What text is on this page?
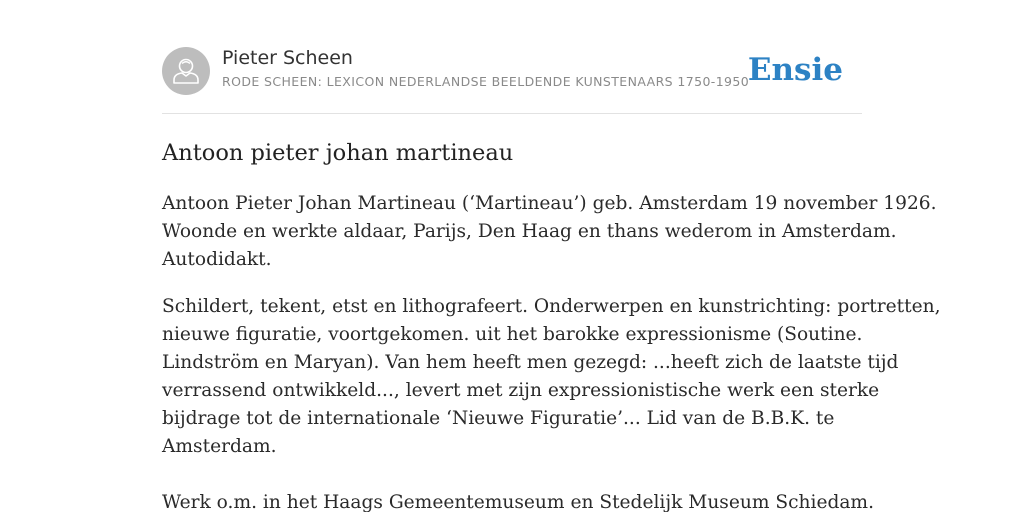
Pieter Scheen
RODE SCHEEN: LEXICON NEDERLANDSE BEELDENDE KUNSTENAARS 1750-1950
Ensie
Antoon pieter johan martineau

Antoon Pieter Johan Martineau (‘Martineau’) geb. Amsterdam 19 november 1926.
Woonde en werkte aldaar, Parijs, Den Haag en thans wederom in Amsterdam.
Autodidakt.

Schildert, tekent, etst en lithografeert. Onderwerpen en kunstrichting: portretten,
nieuwe figuratie, voortgekomen. uit het barokke expressionisme (Soutine.
Lindström en Maryan). Van hem heeft men gezegd: ...heeft zich de laatste tijd
verrassend ontwikkeld..., levert met zijn expressionistische werk een sterke
bijdrage tot de internationale ‘Nieuwe Figuratie’... Lid van de B.B.K. te
Amsterdam.
Werk o.m. in het Haags Gemeentemuseum en Stedelijk Museum Schiedam.
